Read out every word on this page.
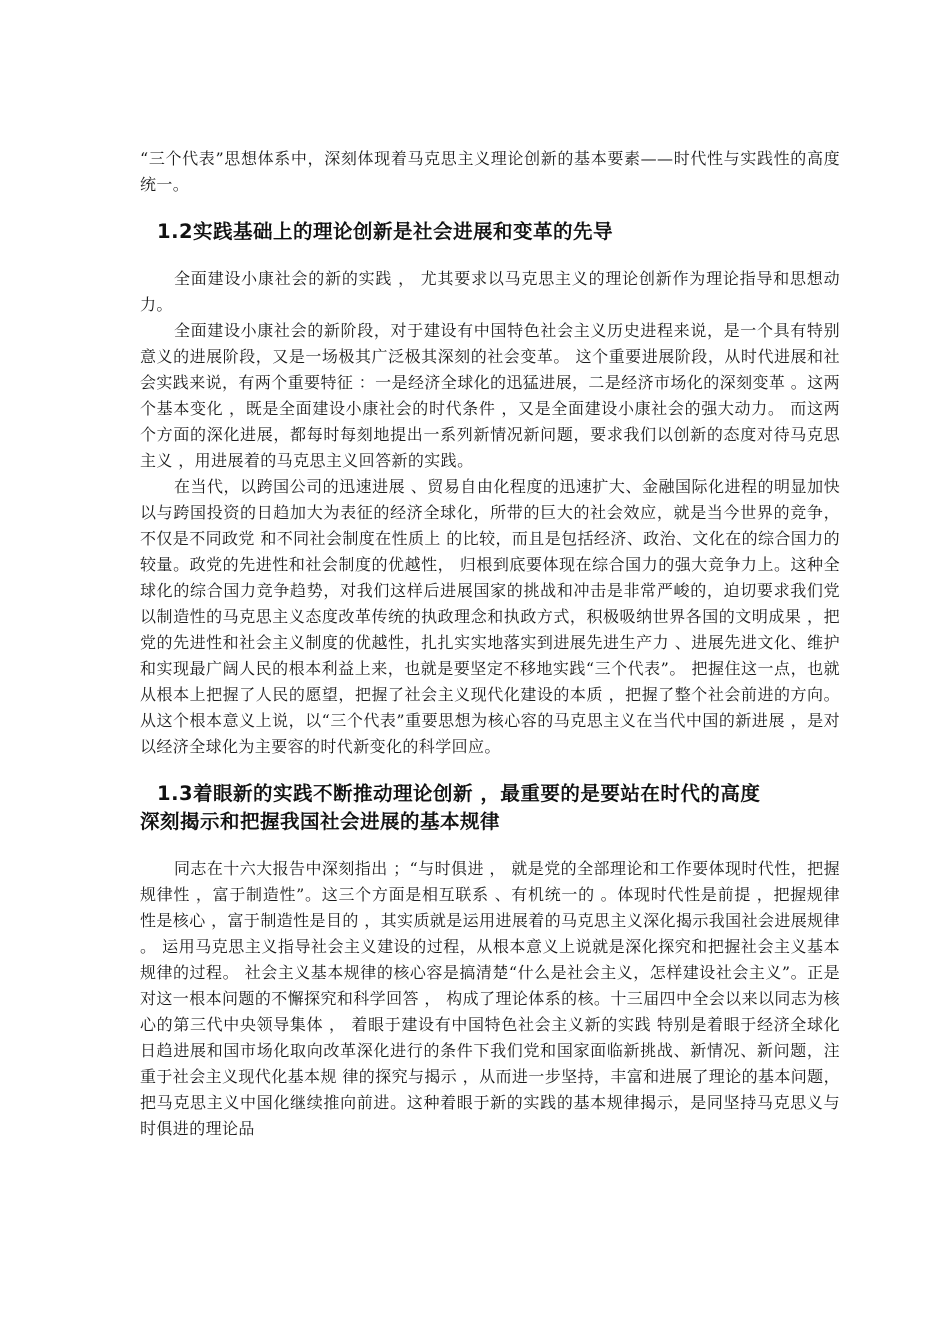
“三个代表”思想体系中，深刻体现着马克思主义理论创新的基本要素——时代性与实践性的高度统一。

1.2实践基础上的理论创新是社会进展和变革的先导

全面建设小康社会的新的实践 ， 尤其要求以马克思主义的理论创新作为理论指导和思想动力。

全面建设小康社会的新阶段，对于建设有中国特色社会主义历史进程来说，是一个具有特别意义的进展阶段，又是一场极其广泛极其深刻的社会变革。 这个重要进展阶段，从时代进展和社会实践来说，有两个重要特征 ：一是经济全球化的迅猛进展，二是经济市场化的深刻变革 。这两个基本变化 ，既是全面建设小康社会的时代条件 ，又是全面建设小康社会的强大动力。 而这两个方面的深化进展，都每时每刻地提出一系列新情况新问题，要求我们以创新的态度对待马克思主义 ，用进展着的马克思主义回答新的实践。

在当代，以跨国公司的迅速进展 、贸易自由化程度的迅速扩大、金融国际化进程的明显加快以与跨国投资的日趋加大为表征的经济全球化，所带的巨大的社会效应，就是当今世界的竞争，不仅是不同政党 和不同社会制度在性质上 的比较，而且是包括经济、政治、文化在的综合国力的较量。政党的先进性和社会制度的优越性， 归根到底要体现在综合国力的强大竞争力上。这种全球化的综合国力竞争趋势，对我们这样后进展国家的挑战和冲击是非常严峻的，迫切要求我们党以制造性的马克思主义态度改革传统的执政理念和执政方式，积极吸纳世界各国的文明成果 ，把党的先进性和社会主义制度的优越性，扎扎实实地落实到进展先进生产力 、进展先进文化、维护和实现最广阔人民的根本利益上来，也就是要坚定不移地实践“三个代表”。 把握住这一点，也就从根本上把握了人民的愿望，把握了社会主义现代化建设的本质 ，把握了整个社会前进的方向。从这个根本意义上说，以“三个代表”重要思想为核心容的马克思主义在当代中国的新进展 ，是对以经济全球化为主要容的时代新变化的科学回应。

1.3着眼新的实践不断推动理论创新 ，最重要的是要站在时代的高度
深刻揭示和把握我国社会进展的基本规律

同志在十六大报告中深刻指出 ；“与时俱进 ， 就是党的全部理论和工作要体现时代性，把握规律性 ，富于制造性”。这三个方面是相互联系 、有机统一的 。体现时代性是前提 ，把握规律性是核心 ，富于制造性是目的 ，其实质就是运用进展着的马克思主义深化揭示我国社会进展规律 。 运用马克思主义指导社会主义建设的过程，从根本意义上说就是深化探究和把握社会主义基本规律的过程。 社会主义基本规律的核心容是搞清楚“什么是社会主义，怎样建设社会主义”。正是对这一根本问题的不懈探究和科学回答 ， 构成了理论体系的核。十三届四中全会以来以同志为核心的第三代中央领导集体 ， 着眼于建设有中国特色社会主义新的实践 特别是着眼于经济全球化日趋进展和国市场化取向改革深化进行的条件下我们党和国家面临新挑战、新情况、新问题，注重于社会主义现代化基本规 律的探究与揭示 ，从而进一步坚持，丰富和进展了理论的基本问题，把马克思主义中国化继续推向前进。这种着眼于新的实践的基本规律揭示，是同坚持马克思义与时俱进的理论品
